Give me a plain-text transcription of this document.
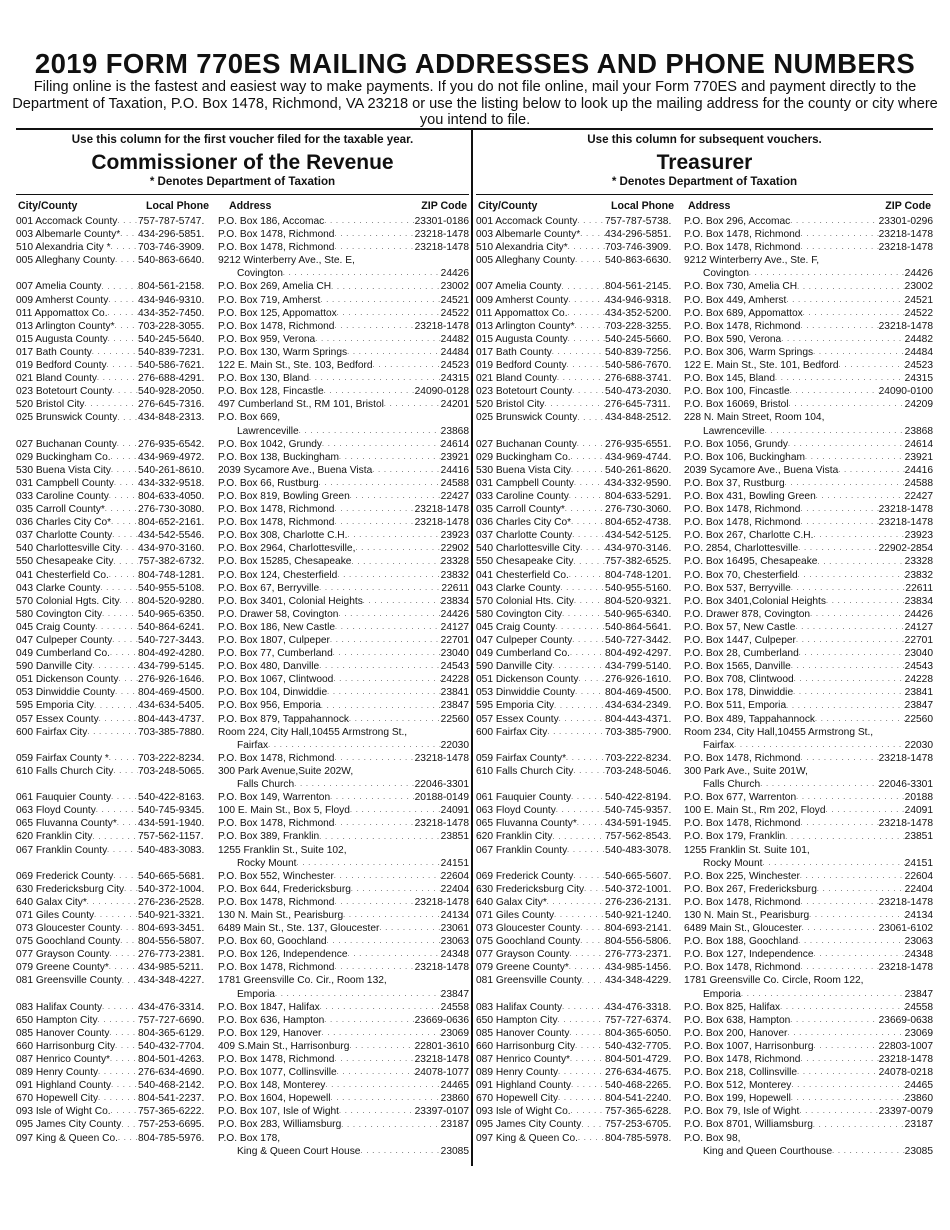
2019 FORM 770ES MAILING ADDRESSES AND PHONE NUMBERS
Filing online is the fastest and easiest way to make payments. If you do not file online, mail your Form 770ES and payment directly to the Department of Taxation, P.O. Box 1478, Richmond, VA 23218 or use the listing below to look up the mailing address for the county or city where you intend to file.
Use this column for the first voucher filed for the taxable year.
Commissioner of the Revenue
* Denotes Department of Taxation
City/County	Local Phone Address	ZIP Code
001 Accomack County
. . .	757-787-5747 .	P.O. Box 186, Accomac . . . 23301-0186

003 Albemarle County*
. . .	434-296-5851 .	P.O. Box 1478, Richmond . . . 23218-1478

510 Alexandria City *
. . .	703-746-3909 .	P.O. Box 1478, Richmond . . . 23218-1478

005 Alleghany County
. . .	540-863-6640 .	9212 Winterberry Ave., Ste. E,

		Covington . . . 24426

007 Amelia County
. . .	804-561-2158 .	P.O. Box 269, Amelia CH . . . 23002

009 Amherst County
. . .	434-946-9310 .	P.O. Box 719, Amherst . . . 24521

011 Appomattox Co.
. . .	434-352-7450 .	P.O. Box 125, Appomattox . . . 24522

013 Arlington County*
. . .	703-228-3055 .	P.O. Box 1478, Richmond . . . 23218-1478

015 Augusta County
. . .	540-245-5640 .	P.O. Box 959, Verona . . . 24482

017 Bath County
. . .	540-839-7231 .	P.O. Box 130, Warm Springs . . . 24484

019 Bedford County
. . .	540-586-7621 .	122 E. Main St., Ste. 103, Bedford . . . 24523

021 Bland County
. . .	276-688-4291 .	P.O. Box 130, Bland . . . 24315

023 Botetourt County
. . .	540-928-2050 .	P.O. Box 128, Fincastle . . . 24090-0128

520 Bristol City
. . .	276-645-7316 .	497 Cumberland St., RM 101, Bristol . . . 24201

025 Brunswick County
. . .	434-848-2313 .	P.O. Box 669,

		Lawrenceville . . . 23868

027 Buchanan County
. . .	276-935-6542 .	P.O. Box 1042, Grundy . . . 24614

029 Buckingham Co.
. . .	434-969-4972 .	P.O. Box 138, Buckingham . . . 23921

530 Buena Vista City
. . .	540-261-8610 .	2039 Sycamore Ave., Buena Vista . . . 24416

031 Campbell County
. . .	434-332-9518 .	P.O. Box 66, Rustburg . . . 24588

033 Caroline County
. . .	804-633-4050 .	P.O. Box 819, Bowling Green . . . 22427

035 Carroll County*
. . .	276-730-3080 .	P.O. Box 1478, Richmond . . . 23218-1478

036 Charles City Co*
. . .	804-652-2161 .	P.O. Box 1478, Richmond . . . 23218-1478

037 Charlotte County
. . .	434-542-5546 .	P.O. Box 308, Charlotte C.H. . . . 23923

540 Charlottesville City
. . .	434-970-3160 .	P.O. Box 2964, Charlottesville, . . . 22902

550 Chesapeake City
. . .	757-382-6732 .	P.O. Box 15285, Chesapeake . . . 23328

041 Chesterfield Co.
. . .	804-748-1281 .	P.O. Box 124, Chesterfield . . . 23832

043 Clarke County
. . .	540-955-5108 .	P.O. Box 67, Berryville . . . 22611

570 Colonial Hgts. City
. . .	804-520-9280 .	P.O. Box 3401, Colonial Heights . . . 23834

580 Covington City
. . .	540-965-6350 .	P.O. Drawer 58, Covington . . . 24426

045 Craig County
. . .	540-864-6241 .	P.O. Box 186, New Castle . . . 24127

047 Culpeper County
. . .	540-727-3443 .	P.O. Box 1807, Culpeper . . . 22701

049 Cumberland Co.
. . .	804-492-4280 .	P.O. Box 77, Cumberland . . . 23040

590 Danville City
. . .	434-799-5145 .	P.O. Box 480, Danville . . . 24543

051 Dickenson County
. . .	276-926-1646 .	P.O. Box 1067, Clintwood . . . 24228

053 Dinwiddie County
. . .	804-469-4500 .	P.O. Box 104, Dinwiddie . . . 23841

595 Emporia City
. . .	434-634-5405 .	P.O. Box 956, Emporia . . . 23847

057 Essex County
. . .	804-443-4737 .	P.O. Box 879, Tappahannock . . . 22560

600 Fairfax City
. . .	703-385-7880 .	Room 224, City Hall,10455 Armstrong St.,

		Fairfax . . . 22030

059 Fairfax County *
. . .	703-222-8234 .	P.O. Box 1478, Richmond . . . 23218-1478

610 Falls Church City
. . .	703-248-5065 .	300 Park Avenue,Suite 202W,

		Falls Church . . . 22046-3301

061 Fauquier County
. . .	540-422-8163 .	P.O. Box 149, Warrenton . . . 20188-0149

063 Floyd County
. . .	540-745-9345 .	100 E. Main St., Box 5, Floyd . . . 24091

065 Fluvanna County*
. . .	434-591-1940 .	P.O. Box 1478, Richmond . . . 23218-1478

620 Franklin City
. . .	757-562-1157 .	P.O. Box 389, Franklin . . . 23851

067 Franklin County
. . .	540-483-3083 .	1255 Franklin St., Suite 102,

		Rocky Mount . . . 24151

069 Frederick County
. . .	540-665-5681 .	P.O. Box 552, Winchester . . . 22604

630 Fredericksburg City
. . .	540-372-1004 .	P.O. Box 644, Fredericksburg . . . 22404

640 Galax City*
. . .	276-236-2528 .	P.O. Box 1478, Richmond . . . 23218-1478

071 Giles County
. . .	540-921-3321 .	130 N. Main St., Pearisburg . . . 24134

073 Gloucester County
. . .	804-693-3451 .	6489 Main St., Ste. 137, Gloucester . . . 23061

075 Goochland County
. . .	804-556-5807 .	P.O. Box 60, Goochland . . . 23063

077 Grayson County
. . .	276-773-2381 .	P.O. Box 126, Independence . . . 24348

079 Greene County*
. . .	434-985-5211 .	P.O. Box 1478, Richmond . . . 23218-1478

081 Greensville County
. . .	434-348-4227 .	1781 Greensville Co. Cir., Room 132,

		Emporia . . . 23847

083 Halifax County
. . .	434-476-3314 .	P.O. Box 1847, Halifax . . . 24558

650 Hampton City
. . .	757-727-6690 .	P.O. Box 636, Hampton . . . 23669-0636

085 Hanover County
. . .	804-365-6129 .	P.O. Box 129, Hanover . . . 23069

660 Harrisonburg City
. . .	540-432-7704 .	409 S.Main St., Harrisonburg . . . 22801-3610

087 Henrico County*
. . .	804-501-4263 .	P.O. Box 1478, Richmond . . . 23218-1478

089 Henry County
. . .	276-634-4690 .	P.O. Box 1077, Collinsville . . . 24078-1077

091 Highland County
. . .	540-468-2142 .	P.O. Box 148, Monterey . . . 24465

670 Hopewell City
. . .	804-541-2237 .	P.O. Box 1604, Hopewell . . . 23860

093 Isle of Wight Co.
. . .	757-365-6222 .	P.O. Box 107, Isle of Wight . . . 23397-0107

095 James City County
. . .	757-253-6695 .	P.O. Box 283, Williamsburg . . . 23187

097 King & Queen Co.
. . .	804-785-5976 .	P.O. Box 178,

		King & Queen Court House . . . 23085
Use this column for subsequent vouchers.
Treasurer
* Denotes Department of Taxation
City/County	Local Phone Address	ZIP Code
001 Accomack County
. . .	757-787-5738 .	P.O. Box 296, Accomac . . . 23301-0296

003 Albemarle County*
. . .	434-296-5851 .	P.O. Box 1478, Richmond . . . 23218-1478

510 Alexandria City*
. . .	703-746-3909 .	P.O. Box 1478, Richmond . . . 23218-1478

005 Alleghany County
. . .	540-863-6630 .	9212 Winterberry Ave., Ste. F,

		Covington . . . 24426

007 Amelia County
. . .	804-561-2145 .	P.O. Box 730, Amelia CH . . . 23002

009 Amherst County
. . .	434-946-9318 .	P.O. Box 449, Amherst . . . 24521

011 Appomattox Co.
. . .	434-352-5200 .	P.O. Box 689, Appomattox . . . 24522

013 Arlington County*
. . .	703-228-3255 .	P.O. Box 1478, Richmond . . . 23218-1478

015 Augusta County
. . .	540-245-5660 .	P.O. Box 590, Verona . . . 24482

017 Bath County
. . .	540-839-7256 .	P.O. Box 306, Warm Springs . . . 24484

019 Bedford County
. . .	540-586-7670 .	122 E. Main St., Ste. 101, Bedford . . . 24523

021 Bland County
. . .	276-688-3741 .	P.O. Box 145, Bland . . . 24315

023 Botetourt County
. . .	540-473-2030 .	P.O. Box 100, Fincastle . . . 24090-0100

520 Bristol City
. . .	276-645-7311 .	P.O. Box 16069, Bristol . . . 24209

025 Brunswick County
. . .	434-848-2512 .	228 N. Main Street, Room 104,

		Lawrenceville . . . 23868

027 Buchanan County
. . .	276-935-6551 .	P.O. Box 1056, Grundy . . . 24614

029 Buckingham Co.
. . .	434-969-4744 .	P.O. Box 106, Buckingham . . . 23921

530 Buena Vista City
. . .	540-261-8620 .	2039 Sycamore Ave., Buena Vista . . . 24416

031 Campbell County
. . .	434-332-9590 .	P.O. Box 37, Rustburg . . . 24588

033 Caroline County
. . .	804-633-5291 .	P.O. Box 431, Bowling Green . . . 22427

035 Carroll County*
. . .	276-730-3060 .	P.O. Box 1478, Richmond . . . 23218-1478

036 Charles City Co*
. . .	804-652-4738 .	P.O. Box 1478, Richmond . . . 23218-1478

037 Charlotte County
. . .	434-542-5125 .	P.O. Box 267, Charlotte C.H. . . . 23923

540 Charlottesville City
. . .	434-970-3146 .	P.O. 2854, Charlottesville . . . 22902-2854

550 Chesapeake City
. . .	757-382-6525 .	P.O. Box 16495, Chesapeake . . . 23328

041 Chesterfield Co.
. . .	804-748-1201 .	P.O. Box 70, Chesterfield . . . 23832

043 Clarke County
. . .	540-955-5160 .	P.O. Box 537, Berryville . . . 22611

570 Colonial Hts. City
. . .	804-520-9321 .	P.O. Box 3401,Colonial Heights . . . 23834

580 Covington City
. . .	540-965-6340 .	P.O. Drawer 878, Covington . . . 24426

045 Craig County
. . .	540-864-5641 .	P.O. Box 57, New Castle . . . 24127

047 Culpeper County
. . .	540-727-3442 .	P.O. Box 1447, Culpeper . . . 22701

049 Cumberland Co.
. . .	804-492-4297 .	P.O. Box 28, Cumberland . . . 23040

590 Danville City
. . .	434-799-5140 .	P.O. Box 1565, Danville . . . 24543

051 Dickenson County
. . .	276-926-1610 .	P.O. Box 708, Clintwood . . . 24228

053 Dinwiddie County
. . .	804-469-4500 .	P.O. Box 178, Dinwiddie . . . 23841

595 Emporia City
. . .	434-634-2349 .	P.O. Box 511, Emporia . . . 23847

057 Essex County
. . .	804-443-4371 .	P.O. Box 489, Tappahannock . . . 22560

600 Fairfax City
. . .	703-385-7900 .	Room 234, City Hall,10455 Armstrong St.,

		Fairfax . . . 22030

059 Fairfax County*
. . .	703-222-8234 .	P.O. Box 1478, Richmond . . . 23218-1478

610 Falls Church City
. . .	703-248-5046 .	300 Park Ave., Suite 201W,

		Falls Church . . . 22046-3301

061 Fauquier County
. . .	540-422-8194 .	P.O. Box 677, Warrenton . . . 20188

063 Floyd County
. . .	540-745-9357 .	100 E. Main St., Rm 202, Floyd . . . 24091

065 Fluvanna County*
. . .	434-591-1945 .	P.O. Box 1478, Richmond . . . 23218-1478

620 Franklin City
. . .	757-562-8543 .	P.O. Box 179, Franklin . . . 23851

067 Franklin County
. . .	540-483-3078 .	1255 Franklin St. Suite 101,

		Rocky Mount . . . 24151

069 Frederick County
. . .	540-665-5607 .	P.O. Box 225, Winchester . . . 22604

630 Fredericksburg City
. . .	540-372-1001 .	P.O. Box 267, Fredericksburg . . . 22404

640 Galax City*
. . .	276-236-2131 .	P.O. Box 1478, Richmond . . . 23218-1478

071 Giles County
. . .	540-921-1240 .	130 N. Main St., Pearisburg . . . 24134

073 Gloucester County
. . .	804-693-2141 .	6489 Main St., Gloucester . . . 23061-6102

075 Goochland County
. . .	804-556-5806 .	P.O. Box 188, Goochland . . . 23063

077 Grayson County
. . .	276-773-2371 .	P.O. Box 127, Independence . . . 24348

079 Greene County*
. . .	434-985-1456 .	P.O. Box 1478, Richmond . . . 23218-1478

081 Greensville County
. . .	434-348-4229 .	1781 Greensville Co. Circle, Room 122,

		Emporia . . . 23847

083 Halifax County
. . .	434-476-3318 .	P.O. Box 825, Halifax . . . 24558

650 Hampton City
. . .	757-727-6374 .	P.O. Box 638, Hampton . . . 23669-0638

085 Hanover County
. . .	804-365-6050 .	P.O. Box 200, Hanover . . . 23069

660 Harrisonburg City
. . .	540-432-7705 .	P.O. Box 1007, Harrisonburg . . . 22803-1007

087 Henrico County*
. . .	804-501-4729 .	P.O. Box 1478, Richmond . . . 23218-1478

089 Henry County
. . .	276-634-4675 .	P.O. Box 218, Collinsville . . . 24078-0218

091 Highland County
. . .	540-468-2265 .	P.O. Box 512, Monterey . . . 24465

670 Hopewell City
. . .	804-541-2240 .	P.O. Box 199, Hopewell . . . 23860

093 Isle of Wight Co.
. . .	757-365-6228 .	P.O. Box 79, Isle of Wight . . . 23397-0079

095 James City County
. . .	757-253-6705 .	P.O. Box 8701, Williamsburg . . . 23187

097 King & Queen Co.
. . .	804-785-5978 .	P.O. Box 98,

		King and Queen Courthouse . . . 23085
